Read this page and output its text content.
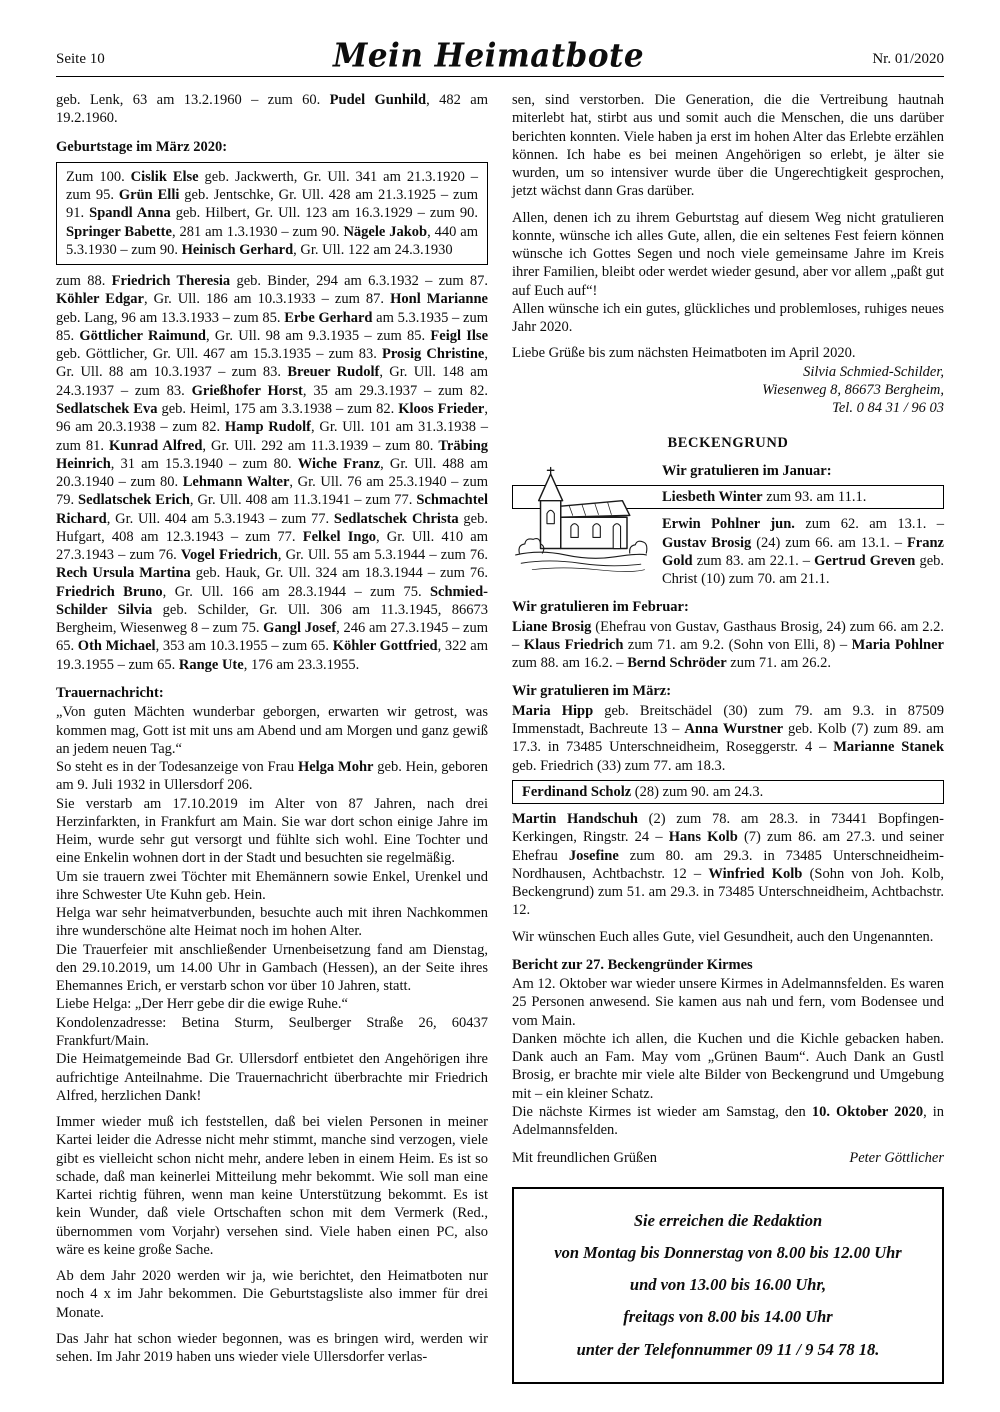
Seite 10	Mein Heimatbote	Nr. 01/2020
geb. Lenk, 63 am 13.2.1960 – zum 60. Pudel Gunhild, 482 am 19.2.1960.
Geburtstage im März 2020:
Zum 100. Cislik Else geb. Jackwerth, Gr. Ull. 341 am 21.3.1920 – zum 95. Grün Elli geb. Jentschke, Gr. Ull. 428 am 21.3.1925 – zum 91. Spandl Anna geb. Hilbert, Gr. Ull. 123 am 16.3.1929 – zum 90. Springer Babette, 281 am 1.3.1930 – zum 90. Nägele Jakob, 440 am 5.3.1930 – zum 90. Heinisch Gerhard, Gr. Ull. 122 am 24.3.1930
zum 88. Friedrich Theresia geb. Binder, 294 am 6.3.1932 – zum 87. Köhler Edgar, Gr. Ull. 186 am 10.3.1933 – zum 87. Honl Marianne geb. Lang, 96 am 13.3.1933 – zum 85. Erbe Gerhard am 5.3.1935 – zum 85. Göttlicher Raimund, Gr. Ull. 98 am 9.3.1935 – zum 85. Feigl Ilse geb. Göttlicher, Gr. Ull. 467 am 15.3.1935 – zum 83. Prosig Christine, Gr. Ull. 88 am 10.3.1937 – zum 83. Breuer Rudolf, Gr. Ull. 148 am 24.3.1937 – zum 83. Grießhofer Horst, 35 am 29.3.1937 – zum 82. Sedlatschek Eva geb. Heiml, 175 am 3.3.1938 – zum 82. Kloos Frieder, 96 am 20.3.1938 – zum 82. Hamp Rudolf, Gr. Ull. 101 am 31.3.1938 – zum 81. Kunrad Alfred, Gr. Ull. 292 am 11.3.1939 – zum 80. Träbing Heinrich, 31 am 15.3.1940 – zum 80. Wiche Franz, Gr. Ull. 488 am 20.3.1940 – zum 80. Lehmann Walter, Gr. Ull. 76 am 25.3.1940 – zum 79. Sedlatschek Erich, Gr. Ull. 408 am 11.3.1941 – zum 77. Schmachtel Richard, Gr. Ull. 404 am 5.3.1943 – zum 77. Sedlatschek Christa geb. Hufgart, 408 am 12.3.1943 – zum 77. Felkel Ingo, Gr. Ull. 410 am 27.3.1943 – zum 76. Vogel Friedrich, Gr. Ull. 55 am 5.3.1944 – zum 76. Rech Ursula Martina geb. Hauk, Gr. Ull. 324 am 18.3.1944 – zum 76. Friedrich Bruno, Gr. Ull. 166 am 28.3.1944 – zum 75. Schmied-Schilder Silvia geb. Schilder, Gr. Ull. 306 am 11.3.1945, 86673 Bergheim, Wiesenweg 8 – zum 75. Gangl Josef, 246 am 27.3.1945 – zum 65. Oth Michael, 353 am 10.3.1955 – zum 65. Köhler Gottfried, 322 am 19.3.1955 – zum 65. Range Ute, 176 am 23.3.1955.
Trauernachricht:
„Von guten Mächten wunderbar geborgen, erwarten wir getrost, was kommen mag, Gott ist mit uns am Abend und am Morgen und ganz gewiß an jedem neuen Tag.“
So steht es in der Todesanzeige von Frau Helga Mohr geb. Hein, geboren am 9. Juli 1932 in Ullersdorf 206.
Sie verstarb am 17.10.2019 im Alter von 87 Jahren, nach drei Herzinfarkten, in Frankfurt am Main. Sie war dort schon einige Jahre im Heim, wurde sehr gut versorgt und fühlte sich wohl. Eine Tochter und eine Enkelin wohnen dort in der Stadt und besuchten sie regelmäßig.
Um sie trauern zwei Töchter mit Ehemännern sowie Enkel, Urenkel und ihre Schwester Ute Kuhn geb. Hein.
Helga war sehr heimatverbunden, besuchte auch mit ihren Nachkommen ihre wunderschöne alte Heimat noch im hohen Alter.
Die Trauerfeier mit anschließender Urnenbeisetzung fand am Dienstag, den 29.10.2019, um 14.00 Uhr in Gambach (Hessen), an der Seite ihres Ehemannes Erich, er verstarb schon vor über 10 Jahren, statt.
Liebe Helga: „Der Herr gebe dir die ewige Ruhe.“
Kondolenzadresse: Betina Sturm, Seulberger Straße 26, 60437 Frankfurt/Main.
Die Heimatgemeinde Bad Gr. Ullersdorf entbietet den Angehörigen ihre aufrichtige Anteilnahme. Die Trauernachricht überbrachte mir Friedrich Alfred, herzlichen Dank!
Immer wieder muß ich feststellen, daß bei vielen Personen in meiner Kartei leider die Adresse nicht mehr stimmt, manche sind verzogen, viele gibt es vielleicht schon nicht mehr, andere leben in einem Heim. Es ist so schade, daß man keinerlei Mitteilung mehr bekommt. Wie soll man eine Kartei richtig führen, wenn man keine Unterstützung bekommt. Es ist kein Wunder, daß viele Ortschaften schon mit dem Vermerk (Red., übernommen vom Vorjahr) versehen sind. Viele haben einen PC, also wäre es keine große Sache.
Ab dem Jahr 2020 werden wir ja, wie berichtet, den Heimatboten nur noch 4 x im Jahr bekommen. Die Geburtstagsliste also immer für drei Monate.
Das Jahr hat schon wieder begonnen, was es bringen wird, werden wir sehen. Im Jahr 2019 haben uns wieder viele Ullersdorfer verlas-
sen, sind verstorben. Die Generation, die die Vertreibung hautnah miterlebt hat, stirbt aus und somit auch die Menschen, die uns darüber berichten konnten. Viele haben ja erst im hohen Alter das Erlebte erzählen können. Ich habe es bei meinen Angehörigen so erlebt, je älter sie wurden, um so intensiver wurde über die Ungerechtigkeit gesprochen, jetzt wächst dann Gras darüber.
Allen, denen ich zu ihrem Geburtstag auf diesem Weg nicht gratulieren konnte, wünsche ich alles Gute, allen, die ein seltenes Fest feiern können wünsche ich Gottes Segen und noch viele gemeinsame Jahre im Kreis ihrer Familien, bleibt oder werdet wieder gesund, aber vor allem „paßt gut auf Euch auf“!
Allen wünsche ich ein gutes, glückliches und problemloses, ruhiges neues Jahr 2020.
Liebe Grüße bis zum nächsten Heimatboten im April 2020.
Silvia Schmied-Schilder,
Wiesenweg 8, 86673 Bergheim,
Tel. 0 84 31 / 96 03
BECKENGRUND
Wir gratulieren im Januar:
Liesbeth Winter zum 93. am 11.1.
Erwin Pohlner jun. zum 62. am 13.1. – Gustav Brosig (24) zum 66. am 13.1. – Franz Gold zum 83. am 22.1. – Gertrud Greven geb. Christ (10) zum 70. am 21.1.
Wir gratulieren im Februar:
Liane Brosig (Ehefrau von Gustav, Gasthaus Brosig, 24) zum 66. am 2.2. – Klaus Friedrich zum 71. am 9.2. (Sohn von Elli, 8) – Maria Pohlner zum 88. am 16.2. – Bernd Schröder zum 71. am 26.2.
Wir gratulieren im März:
Maria Hipp geb. Breitschädel (30) zum 79. am 9.3. in 87509 Immenstadt, Bachreute 13 – Anna Wurstner geb. Kolb (7) zum 89. am 17.3. in 73485 Unterschneidheim, Roseggerstr. 4 – Marianne Stanek geb. Friedrich (33) zum 77. am 18.3.
Ferdinand Scholz (28) zum 90. am 24.3.
Martin Handschuh (2) zum 78. am 28.3. in 73441 Bopfingen-Kerkingen, Ringstr. 24 – Hans Kolb (7) zum 86. am 27.3. und seiner Ehefrau Josefine zum 80. am 29.3. in 73485 Unterschneidheim-Nordhausen, Achtbachstr. 12 – Winfried Kolb (Sohn von Joh. Kolb, Beckengrund) zum 51. am 29.3. in 73485 Unterschneidheim, Achtbachstr. 12.
Wir wünschen Euch alles Gute, viel Gesundheit, auch den Ungenannten.
Bericht zur 27. Beckengründer Kirmes
Am 12. Oktober war wieder unsere Kirmes in Adelmannsfelden. Es waren 25 Personen anwesend. Sie kamen aus nah und fern, vom Bodensee und vom Main.
Danken möchte ich allen, die Kuchen und die Kichle gebacken haben. Dank auch an Fam. May vom „Grünen Baum“. Auch Dank an Gustl Brosig, er brachte mir viele alte Bilder von Beckengrund und Umgebung mit – ein kleiner Schatz.
Die nächste Kirmes ist wieder am Samstag, den 10. Oktober 2020, in Adelmannsfelden.
Mit freundlichen Grüßen	Peter Göttlicher
Sie erreichen die Redaktion
von Montag bis Donnerstag von 8.00 bis 12.00 Uhr
und von 13.00 bis 16.00 Uhr,
freitags von 8.00 bis 14.00 Uhr
unter der Telefonnummer 09 11 / 9 54 78 18.
